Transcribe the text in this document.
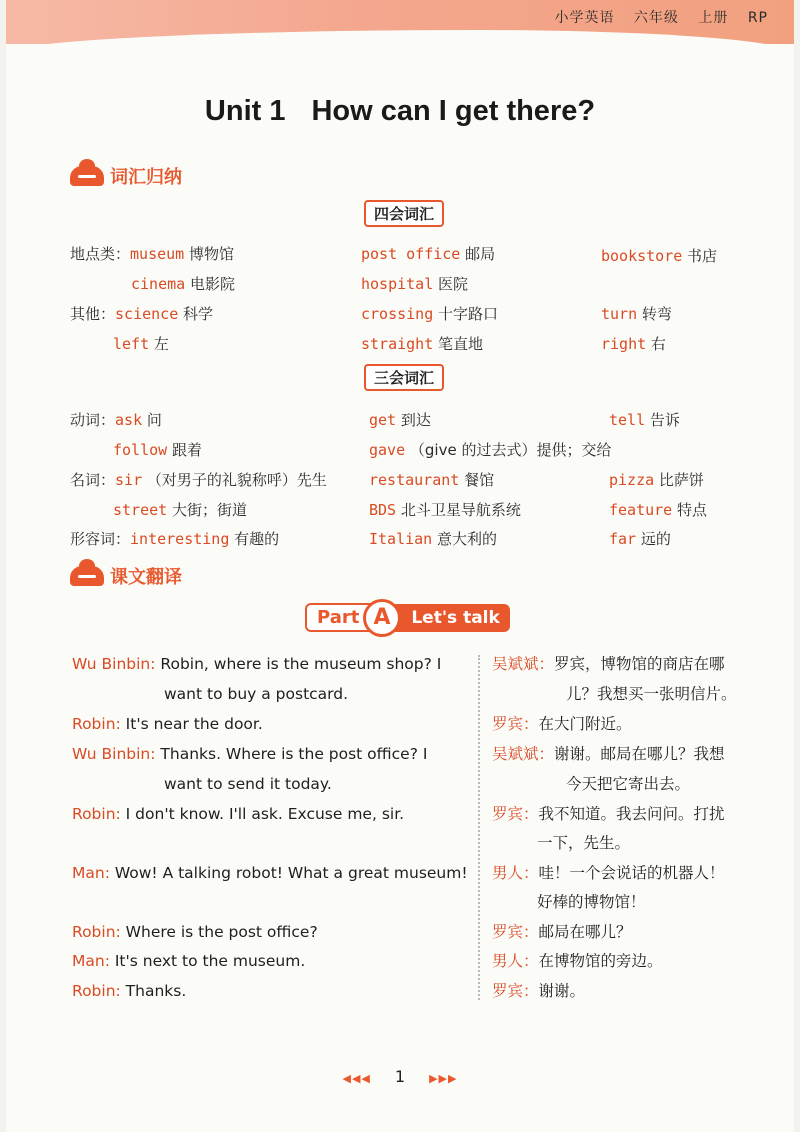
小学英语 六年级 上册 RP
Unit 1 How can I get there?
词汇归纳
四会词汇
地点类：museum 博物馆
cinema 电影院
其他：science 科学
left 左
post office 邮局
hospital 医院
crossing 十字路口
straight 笔直地
bookstore 书店
turn 转弯
right 右
三会词汇
动词：ask 问
follow 跟着
名词：sir （对男子的礼貌称呼）先生
street 大街；街道
形容词：interesting 有趣的
get 到达
gave （give 的过去式）提供；交给
restaurant 餐馆
BDS 北斗卫星导航系统
Italian 意大利的
tell 告诉
pizza 比萨饼
feature 特点
far 远的
课文翻译
Part A	Let's talk
Wu Binbin: Robin, where is the museum shop? I
want to buy a postcard.
Robin: It's near the door.
Wu Binbin: Thanks. Where is the post office? I
want to send it today.
Robin: I don't know. I'll ask. Excuse me, sir.
Man: Wow! A talking robot! What a great museum!
Robin: Where is the post office?
Man: It's next to the museum.
Robin: Thanks.
吴斌斌：罗宾，博物馆的商店在哪
儿？我想买一张明信片。
罗宾：在大门附近。
吴斌斌：谢谢。邮局在哪儿？我想
今天把它寄出去。
罗宾：我不知道。我去问问。打扰
一下，先生。
男人：哇！一个会说话的机器人！
好棒的博物馆！
罗宾：邮局在哪儿？
男人：在博物馆的旁边。
罗宾：谢谢。
◀◀◀ 1 ▶▶▶
